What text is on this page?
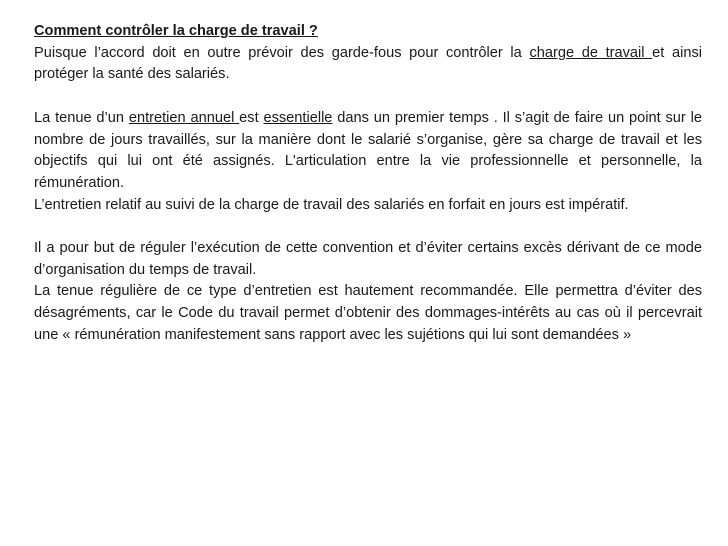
Comment contrôler la charge de travail ?

Puisque l’accord doit en outre prévoir des garde-fous pour contrôler la charge de travail et ainsi protéger la santé des salariés.

La tenue d’un entretien annuel est essentielle dans un premier temps . Il s’agit de faire un point sur le nombre de jours travaillés, sur la manière dont le salarié s’organise, gère sa charge de travail et les objectifs qui lui ont été assignés. L'articulation entre la vie professionnelle et personnelle, la rémunération.

L’entretien relatif au suivi de la charge de travail des salariés en forfait en jours est impératif.

Il a pour but de réguler l’exécution de cette convention et d’éviter certains excès dérivant de ce mode d’organisation du temps de travail.

La tenue régulière de ce type d’entretien est hautement recommandée. Elle permettra d’éviter des désagréments, car le Code du travail permet d’obtenir des dommages-intérêts au cas où il percevrait une « rémunération manifestement sans rapport avec les sujétions qui lui sont demandées »
